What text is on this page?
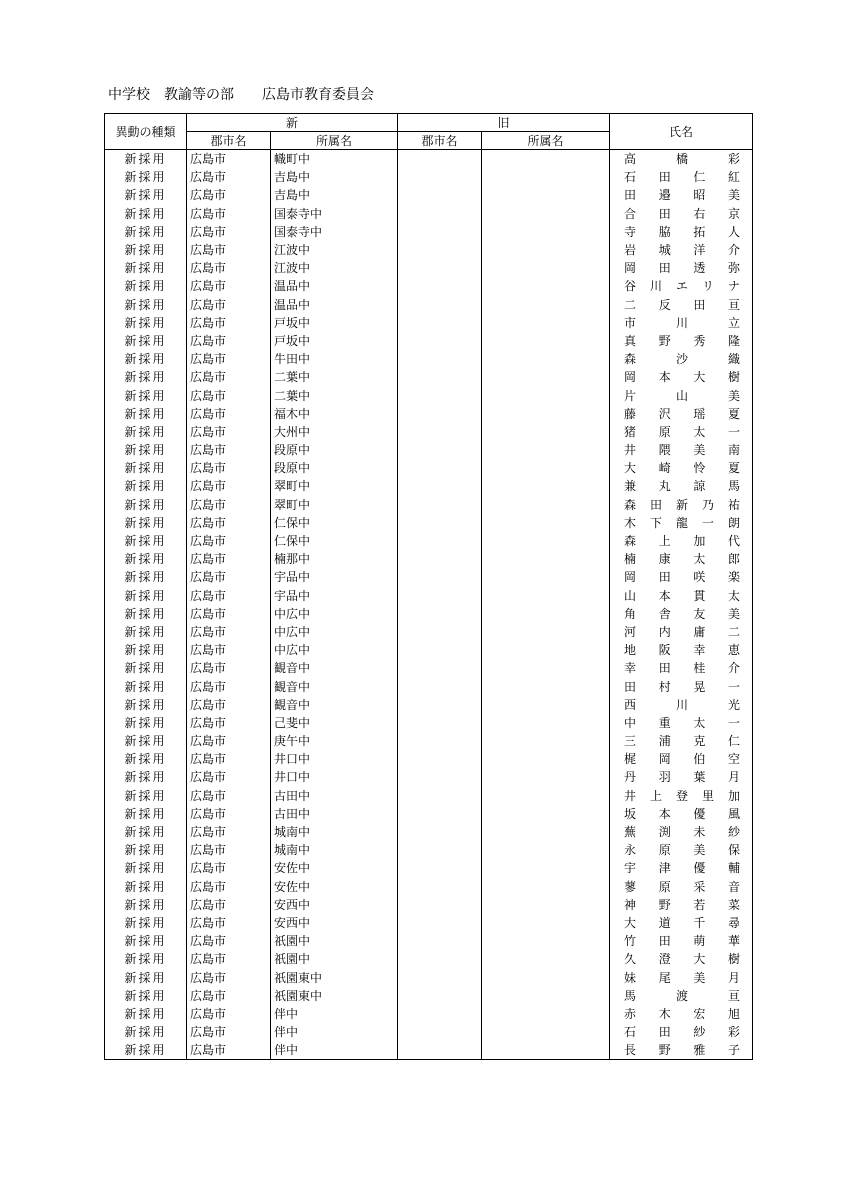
中学校　 教諭等の部　　 広島市教育委員会
異動の種類	新		旧		氏名
	郡市名	所属名	郡市名	所属名	
新採用	広島市	幟町中			高 橋 彩

新採用	広島市	吉島中			石 田 仁 紅

新採用	広島市	吉島中			田 邉 昭 美

新採用	広島市	国泰寺中			合 田 右 京

新採用	広島市	国泰寺中			寺 脇 拓 人

新採用	広島市	江波中			岩 城 洋 介

新採用	広島市	江波中			岡 田 透 弥

新採用	広島市	温品中			谷 川 エ リ ナ

新採用	広島市	温品中			二 反 田 亘

新採用	広島市	戸坂中			市 川 立

新採用	広島市	戸坂中			真 野 秀 隆

新採用	広島市	牛田中			森 沙 織

新採用	広島市	二葉中			岡 本 大 樹

新採用	広島市	二葉中			片 山 美

新採用	広島市	福木中			藤 沢 瑶 夏

新採用	広島市	大州中			猪 原 太 一

新採用	広島市	段原中			井 隈 美 南

新採用	広島市	段原中			大 崎 怜 夏

新採用	広島市	翠町中			兼 丸 諒 馬

新採用	広島市	翠町中			森 田 新 乃 祐

新採用	広島市	仁保中			木 下 龍 一 朗

新採用	広島市	仁保中			森 上 加 代

新採用	広島市	楠那中			楠 康 太 郎

新採用	広島市	宇品中			岡 田 咲 楽

新採用	広島市	宇品中			山 本 貫 太

新採用	広島市	中広中			角 舎 友 美

新採用	広島市	中広中			河 内 庸 二

新採用	広島市	中広中			地 阪 幸 恵

新採用	広島市	観音中			幸 田 桂 介

新採用	広島市	観音中			田 村 晃 一

新採用	広島市	観音中			西 川 光

新採用	広島市	己斐中			中 重 太 一

新採用	広島市	庚午中			三 浦 克 仁

新採用	広島市	井口中			梶 岡 伯 空

新採用	広島市	井口中			丹 羽 葉 月

新採用	広島市	古田中			井 上 登 里 加

新採用	広島市	古田中			坂 本 優 風

新採用	広島市	城南中			蕪 渕 未 紗

新採用	広島市	城南中			永 原 美 保

新採用	広島市	安佐中			宇 津 優 輔

新採用	広島市	安佐中			蓼 原 采 音

新採用	広島市	安西中			神 野 若 菜

新採用	広島市	安西中			大 道 千 尋

新採用	広島市	祇園中			竹 田 萌 華

新採用	広島市	祇園中			久 澄 大 樹

新採用	広島市	祇園東中			妹 尾 美 月

新採用	広島市	祇園東中			馬 渡 亘

新採用	広島市	伴中			赤 木 宏 旭

新採用	広島市	伴中			石 田 紗 彩

新採用	広島市	伴中			長 野 雅 子
